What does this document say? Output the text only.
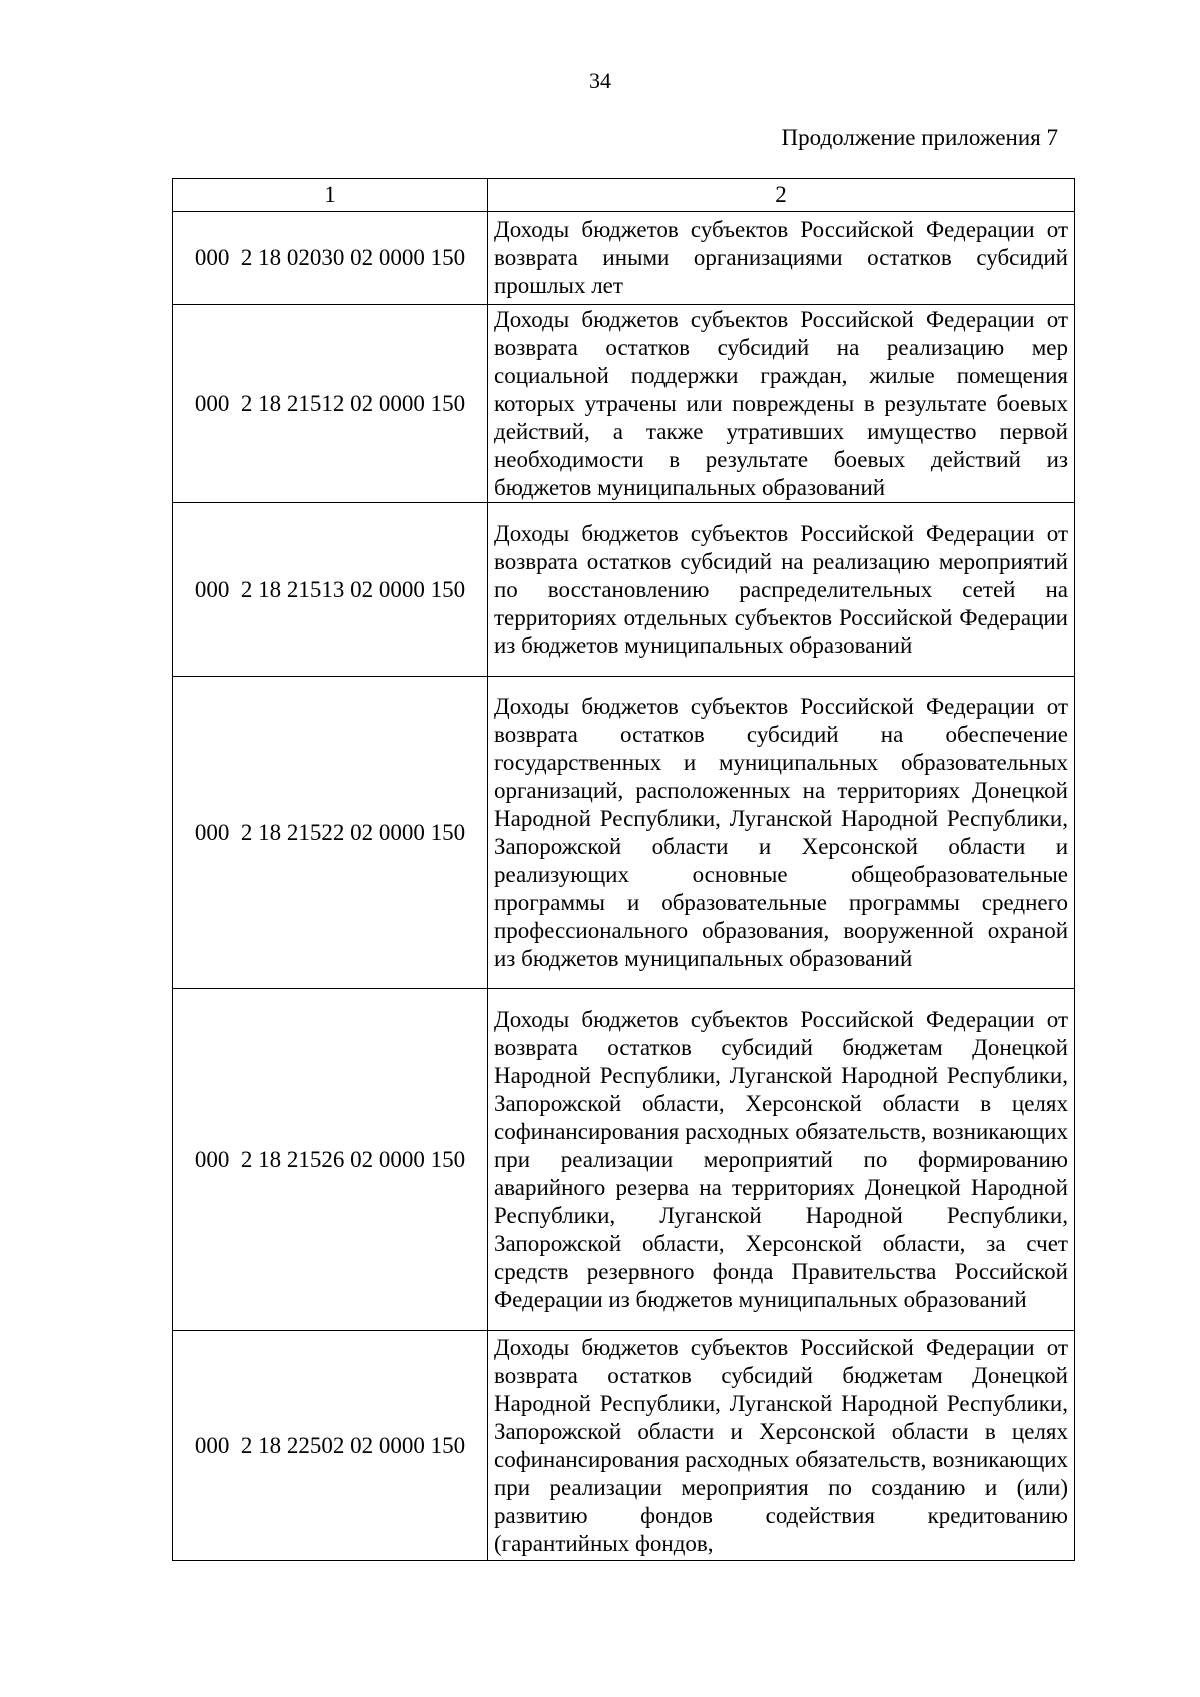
34
Продолжение приложения 7
1	2
000  2 18 02030 02 0000 150	Доходы бюджетов субъектов Российской Федерации от возврата иными организациями остатков субсидий прошлых лет
000  2 18 21512 02 0000 150	Доходы бюджетов субъектов Российской Федерации от возврата остатков субсидий на реализацию мер социальной поддержки граждан, жилые помещения которых утрачены или повреждены в результате боевых действий, а также утративших имущество первой необходимости в результате боевых действий из бюджетов муниципальных образований
000  2 18 21513 02 0000 150	Доходы бюджетов субъектов Российской Федерации от возврата остатков субсидий на реализацию мероприятий по восстановлению распределительных сетей на территориях отдельных субъектов Российской Федерации из бюджетов муниципальных образований
000  2 18 21522 02 0000 150	Доходы бюджетов субъектов Российской Федерации от возврата остатков субсидий на обеспечение государственных и муниципальных образовательных организаций, расположенных на территориях Донецкой Народной Республики, Луганской Народной Республики, Запорожской области и Херсонской области и реализующих основные общеобразовательные программы и образовательные программы среднего профессионального образования, вооруженной охраной из бюджетов муниципальных образований
000  2 18 21526 02 0000 150	Доходы бюджетов субъектов Российской Федерации от возврата остатков субсидий бюджетам Донецкой Народной Республики, Луганской Народной Республики, Запорожской области, Херсонской области в целях софинансирования расходных обязательств, возникающих при реализации мероприятий по формированию аварийного резерва на территориях Донецкой Народной Республики, Луганской Народной Республики, Запорожской области, Херсонской области, за счет средств резервного фонда Правительства Российской Федерации из бюджетов муниципальных образований
000  2 18 22502 02 0000 150	Доходы бюджетов субъектов Российской Федерации от возврата остатков субсидий бюджетам Донецкой Народной Республики, Луганской Народной Республики, Запорожской области и Херсонской области в целях софинансирования расходных обязательств, возникающих при реализации мероприятия по созданию и (или) развитию фондов содействия кредитованию (гарантийных фондов,
